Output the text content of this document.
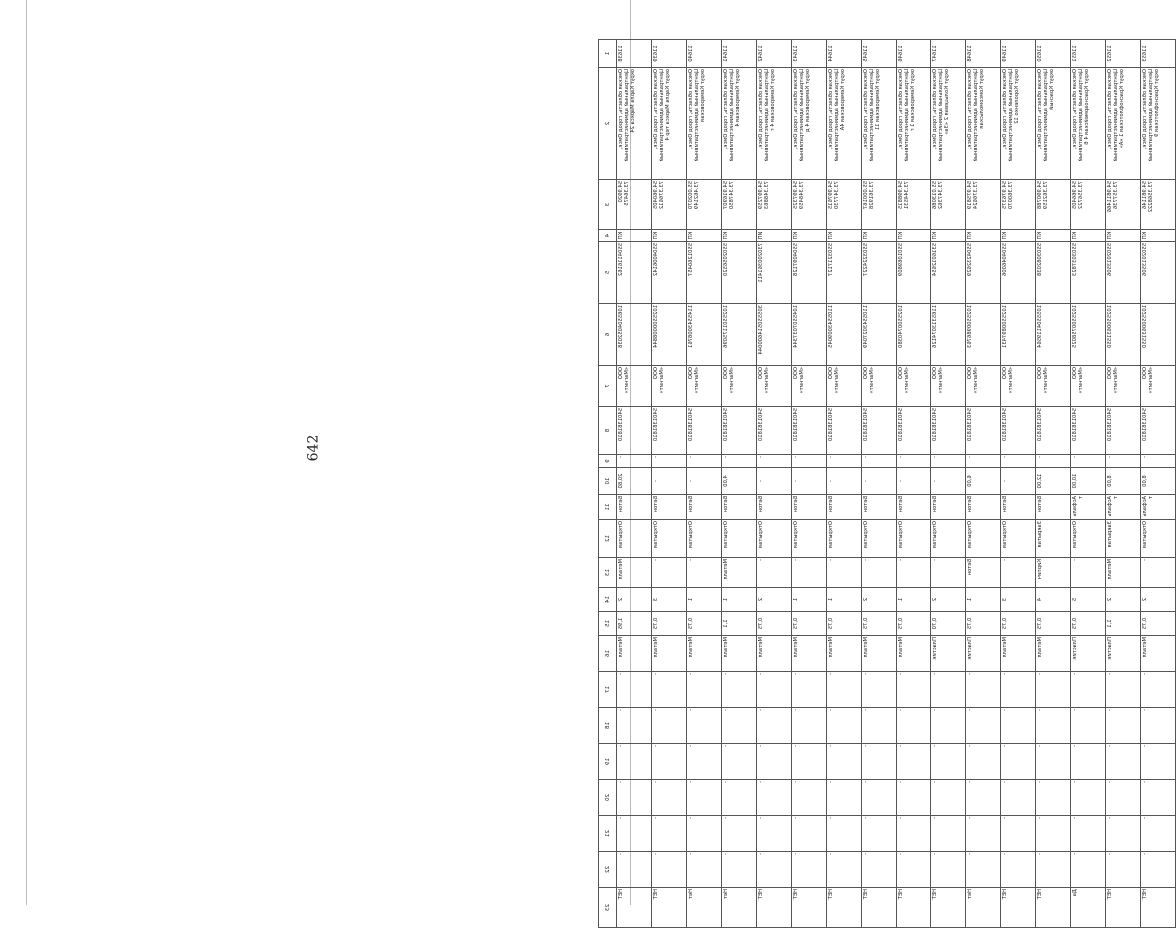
642
1	2	3	4	5	6	7	8	9	10	11	12	13	14	15	16	17	18	19	20	21	22	23
11638	Омская область, город Омск, Центральный административный округ Карла Маркса 24	54.9920 73.36475	КП	5504116162	1065504052038	ООО «Магнит»	5401381810	-	20,80	Бетон	Открытая	Металл	2	1,95	Металл	-	-	-	-	-	-	НЕТ
11639	Омская область, город Омск, Центральный административный округ Карла Маркса тер 4	54.960405 73.376612	КП	5504006142	1025500008844	ООО «Магнит»	5401381810	-	-	Бетон	Открытая	-	3	0,75	Металл	-	-	-	-	-	-	НЕТ
11640	Омская область, город Омск, Центральный административный округ Кемеровская	55.002070 73.462149	КП	5501260457	1145543008761	ООО «Магнит»	5401381810	-	-	Бетон	Открытая	-	1	0,75	Металл	-	-	-	-	-	-	Нет
11641	Омская область, город Омск, Центральный административный округ Кемеровская 4	54.916907 73.347850	КП	5502056520	1025501175096	ООО «Магнит»	5401381810	-	4,00	Бетон	Открытая	Металл	1	1,1	Металл	-	-	-	-	-	-	Нет
11642	Омская область, город Омск, Центральный административный округ Кемеровская 4 г	54.997259 73.348863	ИП	730200361411	305550514600044	ООО «Магнит»	5401381810	-	-	Бетон	Открытая	-	2	0,75	Металл	-	-	-	-	-	-	НЕТ
11643	Омская область, город Омск, Центральный административный округ Кемеровская 4 д	54.997325 73.348459	КП	5504097128	1045507037344	ООО «Магнит»	5401381810	-	-	Бетон	Открытая	-	1	0,75	Металл	-	-	-	-	-	-	НЕТ
11644	Омская область, город Омск, Центральный административный округ Кемеровская 4А	54.997615 73.347730	КП	5503217127	1105543009045	ООО «Магнит»	5401381810	-	-	Бетон	Открытая	-	1	0,75	Металл	-	-	-	-	-	-	НЕТ
11645	Омская область, город Омск, Центральный административный округ Кемеровская 11	55.000167 73.361928	КП	5503224227	1105543027049	ООО «Магнит»	5401381810	-	-	Бетон	Открытая	-	2	0,75	Металл	-	-	-	-	-	-	НЕТ
11646	Омская область, город Омск, Центральный административный округ Кемеровская 1 г	54.998815 73.344531	КП	5501069809	1025500740380	ООО «Магнит»	5401381810	-	-	Бетон	Открытая	-	1	0,75	Металл	-	-	-	-	-	-	НЕТ
11647	Омская область, город Омск, Центральный административный округ Кольцевая 2 «За»	55.013086 73.347362	КП	5316012654	1165313074126	ООО «Магнит»	5401381810	-	-	Бетон	Открытая	-	2	0,70	Пластик	-	-	-	-	-	-	НЕТ
11648	Омская область, город Омск, Центральный административный округ Комсомольская	54.975819 73.376624	КП	5504232629	1025500986763	ООО «Магнит»	5401381810	-	6,00	Бетон	Открытая	Бетон	1	0,75	Пластик	-	-	-	-	-	-	Нет
11649	Омская область, город Омск, Центральный административный округ Короленко 12	54.976375 73.360070	КП	5504046006	1025500897431	ООО «Магнит»	5401381810	-	-	Бетон	Открытая	-	3	0,75	Металл	-	-	-	-	-	-	НЕТ
11650	Омская область, город Омск, Центральный административный округ Красный	54.990788 73.362159	КП	5503082038	1055504119564	ООО «Магнит»	5401381810	-	12,00	Бетон	Закрытая	Кирпич	4	0,75	Металл	-	-	-	-	-	-	НЕТ
11651	Омская область, город Омск, Центральный административный округ Красноармейская 4 б	54.966405 73.356722	КП	5503037823	1025500758025	ООО «Магнит»	5401381810	-	10,00	Асфальт	Открытая	-	5	0,75	Пластик	-	-	-	-	-	-	Да
11652	Омская область, город Омск, Центральный административный округ Краснофлотская 1 «А»	54.9811466 73.357736	КП	5502013506	1025500631550	ООО «Магнит»	5401381810	-	8,00	Асфальт	Закрытая	Металл	2	1,1	Пластик	-	-	-	-	-	-	НЕТ
11653	Омская область, город Омск, Центральный административный округ Краснофлотская 9	54.981146 73.3568222	КП	5502013506	1025500631550	ООО «Магнит»	5401381810	-	8,00	Асфальт	Открытая	-	2	0,75	Металл	-	-	-	-	-	-	НЕТ
